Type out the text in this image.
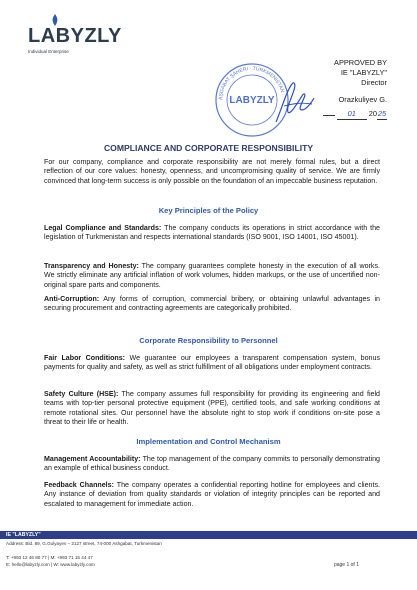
LABYZLY
Individual Enterprise
AŞGABAT ŞÄHERI · TÜRKMENISTAN ·
LABYZLY
APPROVED BY
IE "LABYZLY"
Director
Orazkuliyev G.
01 2025
COMPLIANCE AND CORPORATE RESPONSIBILITY
For our company, compliance and corporate responsibility are not merely formal rules, but a direct reflection of our core values: honesty, openness, and uncompromising quality of service. We are firmly convinced that long-term success is only possible on the foundation of an impeccable business reputation.
Key Principles of the Policy
Legal Compliance and Standards: The company conducts its operations in strict accordance with the legislation of Turkmenistan and respects international standards (ISO 9001, ISO 14001, ISO 45001).
Transparency and Honesty: The company guarantees complete honesty in the execution of all works. We strictly eliminate any artificial inflation of work volumes, hidden markups, or the use of uncertified non-original spare parts and components.
Anti-Corruption: Any forms of corruption, commercial bribery, or obtaining unlawful advantages in securing procurement and contracting agreements are categorically prohibited.
Corporate Responsibility to Personnel
Fair Labor Conditions: We guarantee our employees a transparent compensation system, bonus payments for quality and safety, as well as strict fulfillment of all obligations under employment contracts.
Safety Culture (HSE): The company assumes full responsibility for providing its engineering and field teams with top-tier personal protective equipment (PPE), certified tools, and safe working conditions at remote rotational sites. Our personnel have the absolute right to stop work if conditions on-site pose a threat to their life or health.
Implementation and Control Mechanism
Management Accountability: The top management of the company commits to personally demonstrating an example of ethical business conduct.
Feedback Channels: The company operates a confidential reporting hotline for employees and clients. Any instance of deviation from quality standards or violation of integrity principles can be reported and escalated to management for immediate action.
IE "LABYZLY"
Address: Bld. 89, G.Gulyayev – 2127 street, 74-000 Ashgabat, Turkmenistan
T: +993 12 46 80 77 | M: +993 71 15 44 47
E: hello@labyzly.com | W: www.labyzly.com	page 1 of 1
